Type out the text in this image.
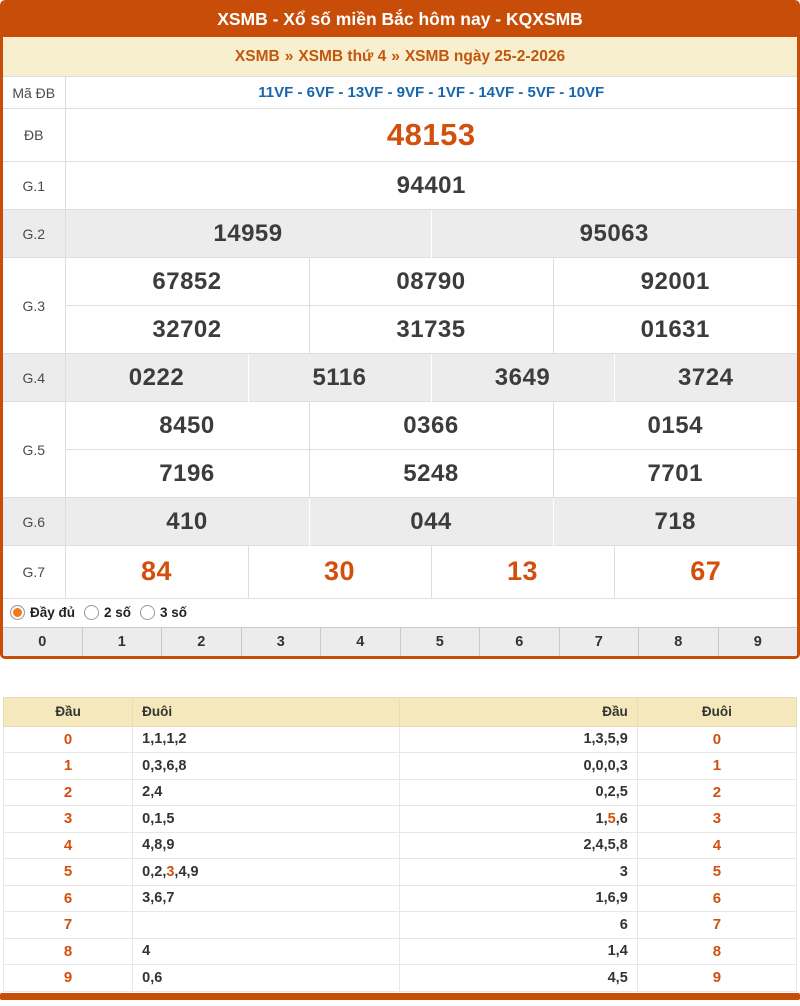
XSMB - Xổ số miền Bắc hôm nay - KQXSMB
XSMB » XSMB thứ 4 » XSMB ngày 25-2-2026
Mã ĐB	11VF - 6VF - 13VF - 9VF - 1VF - 14VF - 5VF - 10VF					
ĐB	48153					
G.1	94401					
G.2	14959			95063		
G.3	67852		08790		92001	
	32702		31735		01631	
G.4	0222	5116		3649		3724
G.5	8450		0366		0154	
	7196		5248		7701	
G.6	410		044		718	
G.7	84	30		13		67
Đầy đủ 2 số 3 số
0	1	2	3	4	5	6	7	8	9
Đầu	Đuôi	Đầu	Đuôi
0	1,1,1,2	1,3,5,9	0
1	0,3,6,8	0,0,0,3	1
2	2,4	0,2,5	2
3	0,1,5	1,5,6	3
4	4,8,9	2,4,5,8	4
5	0,2,3,4,9	3	5
6	3,6,7	1,6,9	6
7		6	7
8	4	1,4	8
9	0,6	4,5	9
